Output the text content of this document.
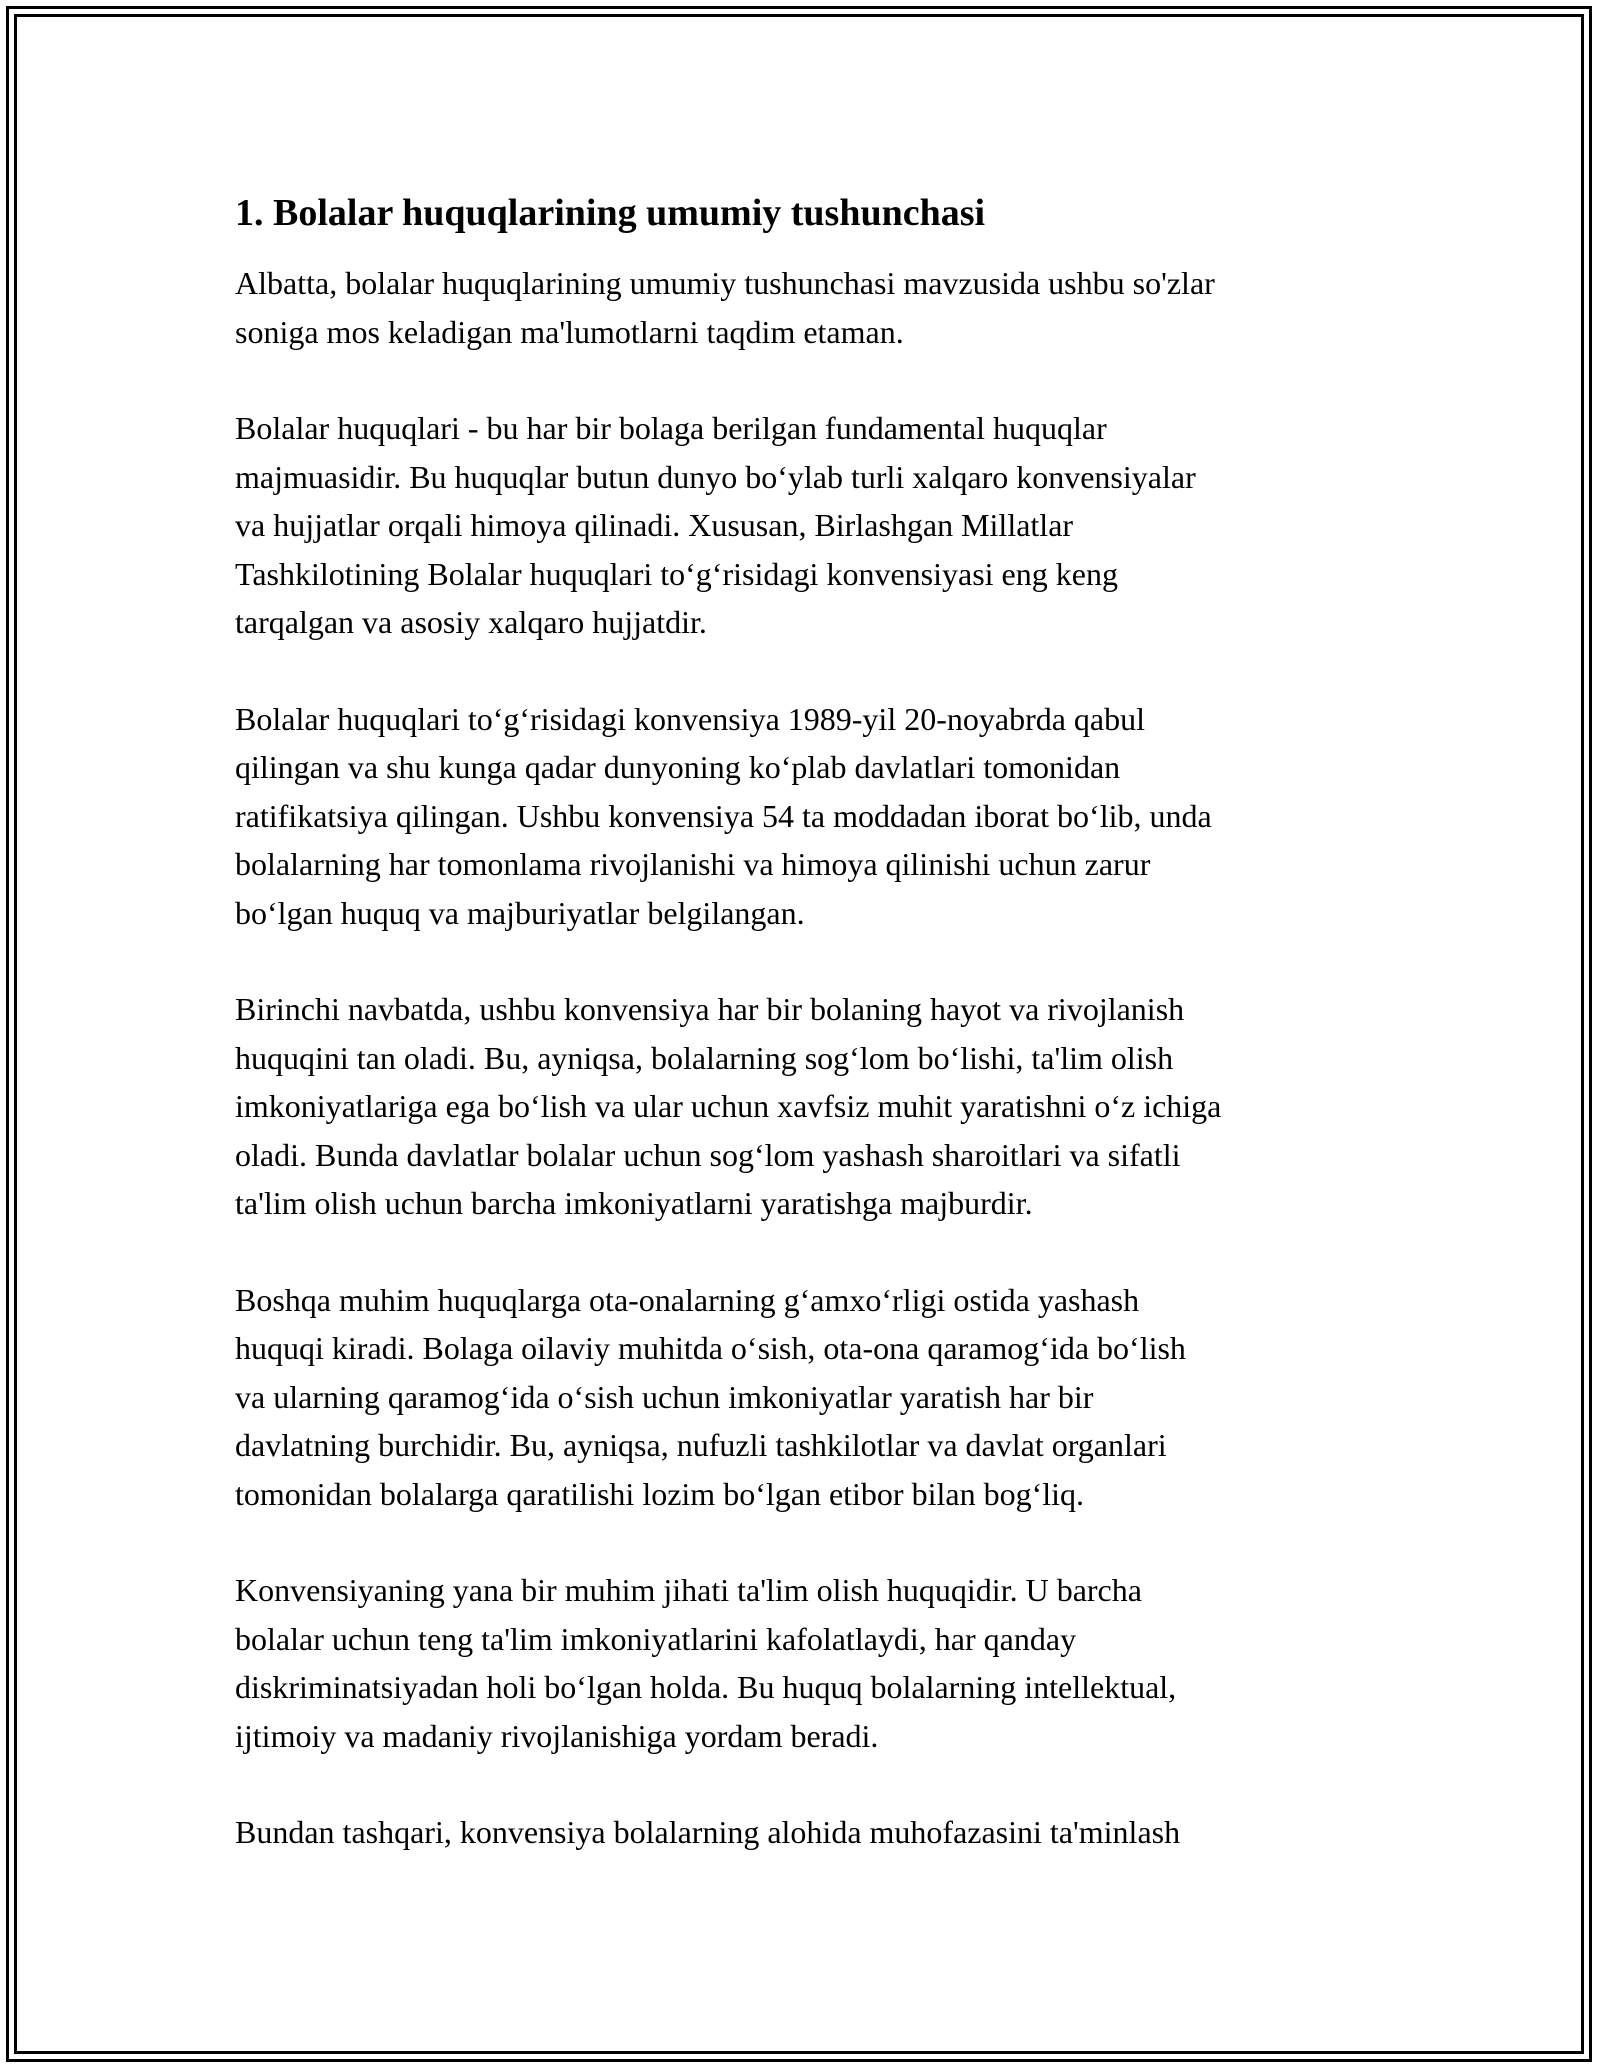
1. Bolalar huquqlarining umumiy tushunchasi

Albatta, bolalar huquqlarining umumiy tushunchasi mavzusida ushbu so'zlar
soniga mos keladigan ma'lumotlarni taqdim etaman.

Bolalar huquqlari - bu har bir bolaga berilgan fundamental huquqlar
majmuasidir. Bu huquqlar butun dunyo boʻylab turli xalqaro konvensiyalar
va hujjatlar orqali himoya qilinadi. Xususan, Birlashgan Millatlar
Tashkilotining Bolalar huquqlari toʻgʻrisidagi konvensiyasi eng keng
tarqalgan va asosiy xalqaro hujjatdir.

Bolalar huquqlari toʻgʻrisidagi konvensiya 1989-yil 20-noyabrda qabul
qilingan va shu kunga qadar dunyoning koʻplab davlatlari tomonidan
ratifikatsiya qilingan. Ushbu konvensiya 54 ta moddadan iborat boʻlib, unda
bolalarning har tomonlama rivojlanishi va himoya qilinishi uchun zarur
boʻlgan huquq va majburiyatlar belgilangan.

Birinchi navbatda, ushbu konvensiya har bir bolaning hayot va rivojlanish
huquqini tan oladi. Bu, ayniqsa, bolalarning sogʻlom boʻlishi, ta'lim olish
imkoniyatlariga ega boʻlish va ular uchun xavfsiz muhit yaratishni oʻz ichiga
oladi. Bunda davlatlar bolalar uchun sogʻlom yashash sharoitlari va sifatli
ta'lim olish uchun barcha imkoniyatlarni yaratishga majburdir.

Boshqa muhim huquqlarga ota-onalarning gʻamxoʻrligi ostida yashash
huquqi kiradi. Bolaga oilaviy muhitda oʻsish, ota-ona qaramogʻida boʻlish
va ularning qaramogʻida oʻsish uchun imkoniyatlar yaratish har bir
davlatning burchidir. Bu, ayniqsa, nufuzli tashkilotlar va davlat organlari
tomonidan bolalarga qaratilishi lozim boʻlgan etibor bilan bogʻliq.

Konvensiyaning yana bir muhim jihati ta'lim olish huquqidir. U barcha
bolalar uchun teng ta'lim imkoniyatlarini kafolatlaydi, har qanday
diskriminatsiyadan holi boʻlgan holda. Bu huquq bolalarning intellektual,
ijtimoiy va madaniy rivojlanishiga yordam beradi.

Bundan tashqari, konvensiya bolalarning alohida muhofazasini ta'minlash
